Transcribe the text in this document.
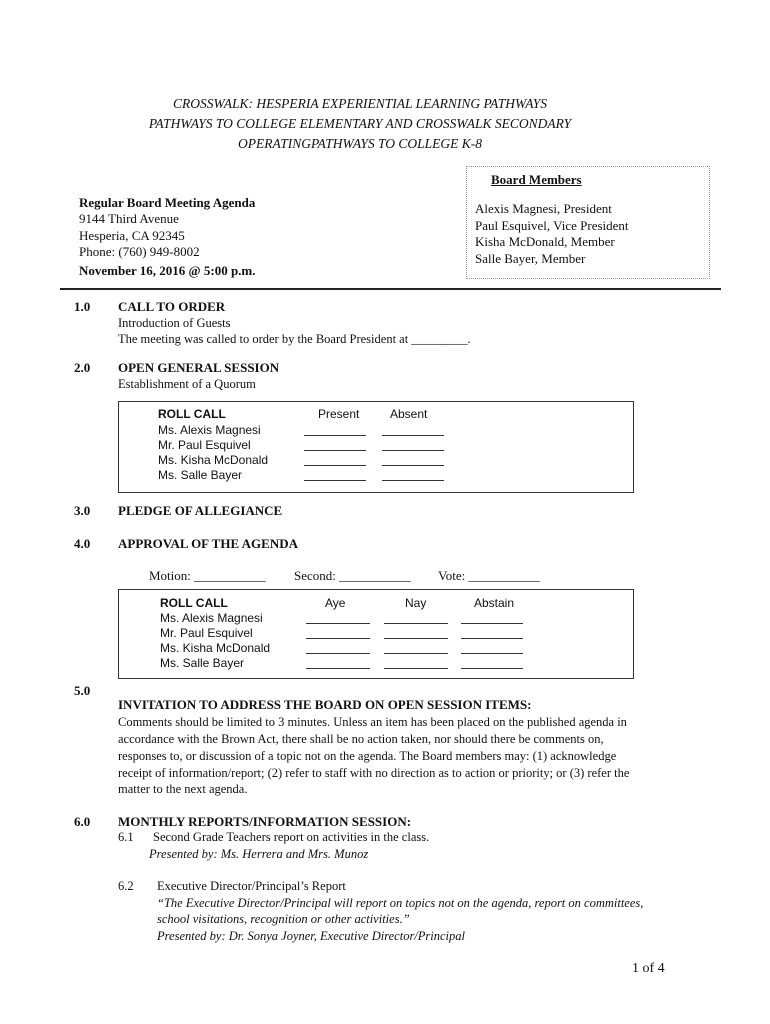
CROSSWALK: HESPERIA EXPERIENTIAL LEARNING PATHWAYS
PATHWAYS TO COLLEGE ELEMENTARY AND CROSSWALK SECONDARY
OPERATINGPATHWAYS TO COLLEGE K-8
Regular Board Meeting Agenda
9144 Third Avenue
Hesperia, CA 92345
Phone: (760) 949-8002
November 16, 2016 @ 5:00 p.m.
Board Members
Alexis Magnesi, President
Paul Esquivel, Vice President
Kisha McDonald, Member
Salle Bayer, Member
1.0 CALL TO ORDER
Introduction of Guests
The meeting was called to order by the Board President at _________.
2.0 OPEN GENERAL SESSION
Establishment of a Quorum
ROLL CALL	Present	Absent
Ms. Alexis Magnesi
Mr. Paul Esquivel
Ms. Kisha McDonald
Ms. Salle Bayer
3.0 PLEDGE OF ALLEGIANCE
4.0 APPROVAL OF THE AGENDA
Motion: ___________ Second: ___________ Vote: ___________
ROLL CALL	Aye	Nay	Abstain
Ms. Alexis Magnesi
Mr. Paul Esquivel
Ms. Kisha McDonald
Ms. Salle Bayer
5.0
INVITATION TO ADDRESS THE BOARD ON OPEN SESSION ITEMS:
Comments should be limited to 3 minutes. Unless an item has been placed on the published agenda in
accordance with the Brown Act, there shall be no action taken, nor should there be comments on,
responses to, or discussion of a topic not on the agenda. The Board members may: (1) acknowledge
receipt of information/report; (2) refer to staff with no direction as to action or priority; or (3) refer the
matter to the next agenda.
6.0 MONTHLY REPORTS/INFORMATION SESSION:
6.1 Second Grade Teachers report on activities in the class.
Presented by: Ms. Herrera and Mrs. Munoz
6.2 Executive Director/Principal’s Report
“The Executive Director/Principal will report on topics not on the agenda, report on committees,
school visitations, recognition or other activities.”
Presented by: Dr. Sonya Joyner, Executive Director/Principal
1 of 4
